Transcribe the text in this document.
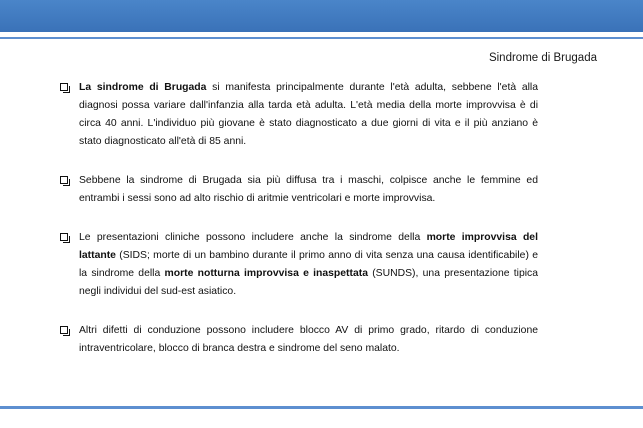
Sindrome di Brugada
La sindrome di Brugada si manifesta principalmente durante l'età adulta, sebbene l'età alla diagnosi possa variare dall'infanzia alla tarda età adulta. L'età media della morte improvvisa è di circa 40 anni. L'individuo più giovane è stato diagnosticato a due giorni di vita e il più anziano è stato diagnosticato all'età di 85 anni.
Sebbene la sindrome di Brugada sia più diffusa tra i maschi, colpisce anche le femmine ed entrambi i sessi sono ad alto rischio di aritmie ventricolari e morte improvvisa.
Le presentazioni cliniche possono includere anche la sindrome della morte improvvisa del lattante (SIDS; morte di un bambino durante il primo anno di vita senza una causa identificabile) e la sindrome della morte notturna improvvisa e inaspettata (SUNDS), una presentazione tipica negli individui del sud-est asiatico.
Altri difetti di conduzione possono includere blocco AV di primo grado, ritardo di conduzione intraventricolare, blocco di branca destra e sindrome del seno malato.
